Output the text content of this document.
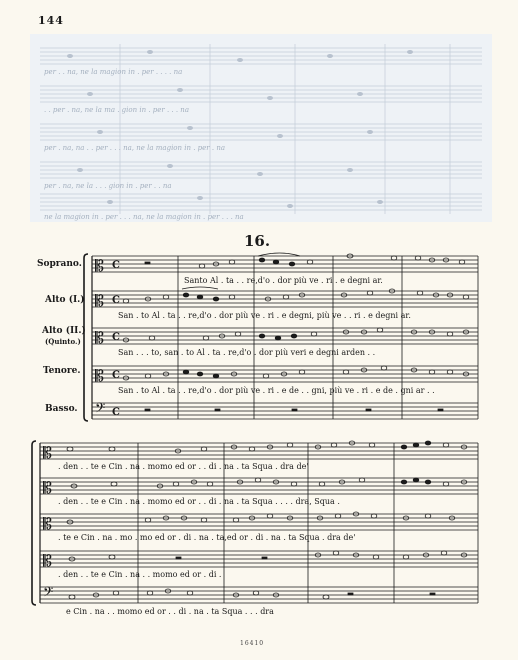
144
per . . na, ne la magion in . per . . . . na
. . per . na, ne la ma . gion in . per . . . na
per . na, na . . per . . . na, ne la magion in . per . na
per . na, ne la . . . gion in . per . . na
ne la magion in . per . . . na, ne la magion in . per . . . na
16.
Soprano.
Alto (I.)
Alto (II.)
(Quinto.)
Tenore.
Basso.
𝄡
𝄡
𝄡
𝄡
𝄢
C
C
C
C
C
Santo Al . ta . . re,d'o . dor più ve . ri . e degni ar.
San . to Al . ta . . re,d'o . dor più ve . ri . e degni, più ve . . ri . e degni ar.
San . . . to, san . to Al . ta . re,d'o . dor più veri e degni arden . .
San . to Al . ta . . re,d'o . dor più ve . ri . e de . . gni, più ve . ri . e de . gni ar . .
𝄡
𝄡
𝄡
𝄡
𝄢
. den . . te e Cin . na . momo ed or . . di . na . ta Squa . dra de'
. den . . te e Cin . na . momo ed or . . di . na . ta Squa . . . . dra, Squa .
. te e Cin . na . mo . mo ed or . di . na . ta,ed or . di . na . ta Squa . dra de'
. den . . te e Cin . na . . momo ed or . di .
e Cin . na . . momo ed or . . di . na . ta Squa . . . dra
16410
